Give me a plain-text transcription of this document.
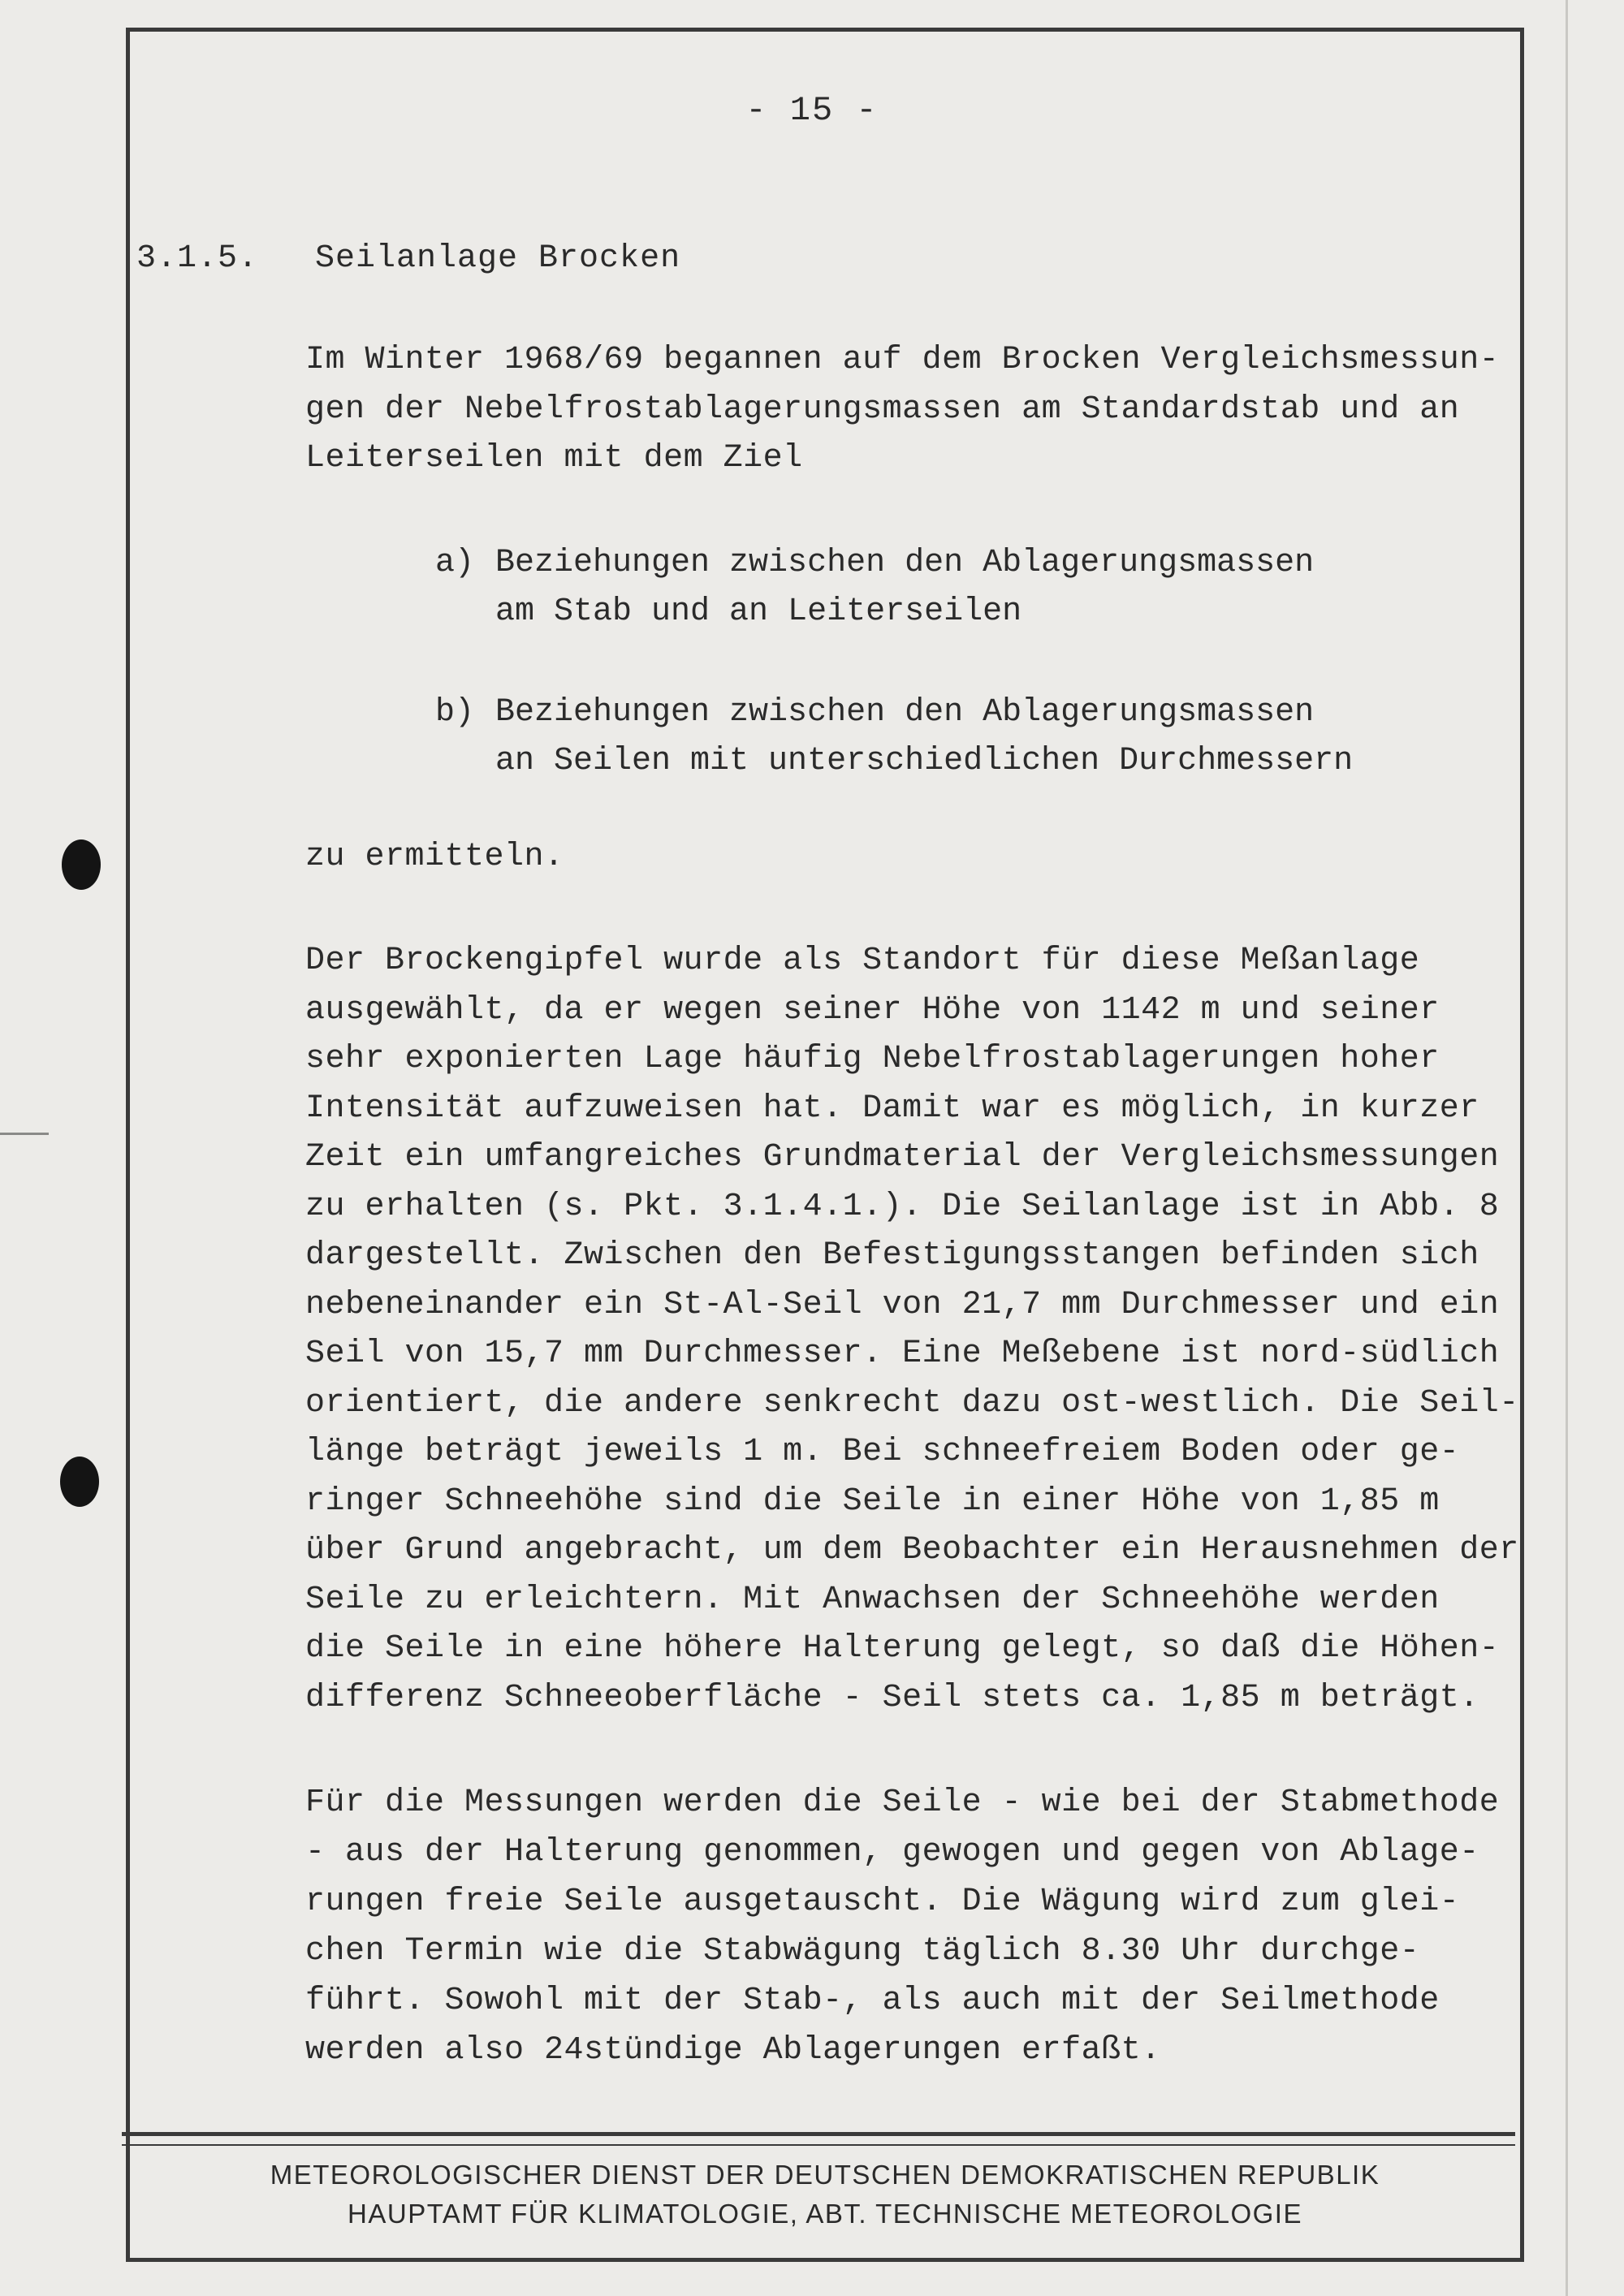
- 15 -
3.1.5. Seilanlage Brocken

Im Winter 1968/69 begannen auf dem Brocken Vergleichsmessun-

gen der Nebelfrostablagerungsmassen am Standardstab und an

Leiterseilen mit dem Ziel

a) Beziehungen zwischen den Ablagerungsmassen
am Stab und an Leiterseilen
b) Beziehungen zwischen den Ablagerungsmassen
an Seilen mit unterschiedlichen Durchmessern

zu ermitteln.

Der Brockengipfel wurde als Standort für diese Meßanlage

ausgewählt, da er wegen seiner Höhe von 1142 m und seiner

sehr exponierten Lage häufig Nebelfrostablagerungen hoher

Intensität aufzuweisen hat. Damit war es möglich, in kurzer

Zeit ein umfangreiches Grundmaterial der Vergleichsmessungen

zu erhalten (s. Pkt. 3.1.4.1.). Die Seilanlage ist in Abb. 8

dargestellt. Zwischen den Befestigungsstangen befinden sich

nebeneinander ein St-Al-Seil von 21,7 mm Durchmesser und ein

Seil von 15,7 mm Durchmesser. Eine Meßebene ist nord-südlich

orientiert, die andere senkrecht dazu ost-westlich. Die Seil-

länge beträgt jeweils 1 m. Bei schneefreiem Boden oder ge-

ringer Schneehöhe sind die Seile in einer Höhe von 1,85 m

über Grund angebracht, um dem Beobachter ein Herausnehmen der

Seile zu erleichtern. Mit Anwachsen der Schneehöhe werden

die Seile in eine höhere Halterung gelegt, so daß die Höhen-

differenz Schneeoberfläche - Seil stets ca. 1,85 m beträgt.

Für die Messungen werden die Seile - wie bei der Stabmethode

- aus der Halterung genommen, gewogen und gegen von Ablage-

rungen freie Seile ausgetauscht. Die Wägung wird zum glei-

chen Termin wie die Stabwägung täglich 8.30 Uhr durchge-

führt. Sowohl mit der Stab-, als auch mit der Seilmethode

werden also 24stündige Ablagerungen erfaßt.

METEOROLOGISCHER DIENST DER DEUTSCHEN DEMOKRATISCHEN REPUBLIK
HAUPTAMT FÜR KLIMATOLOGIE, ABT. TECHNISCHE METEOROLOGIE
